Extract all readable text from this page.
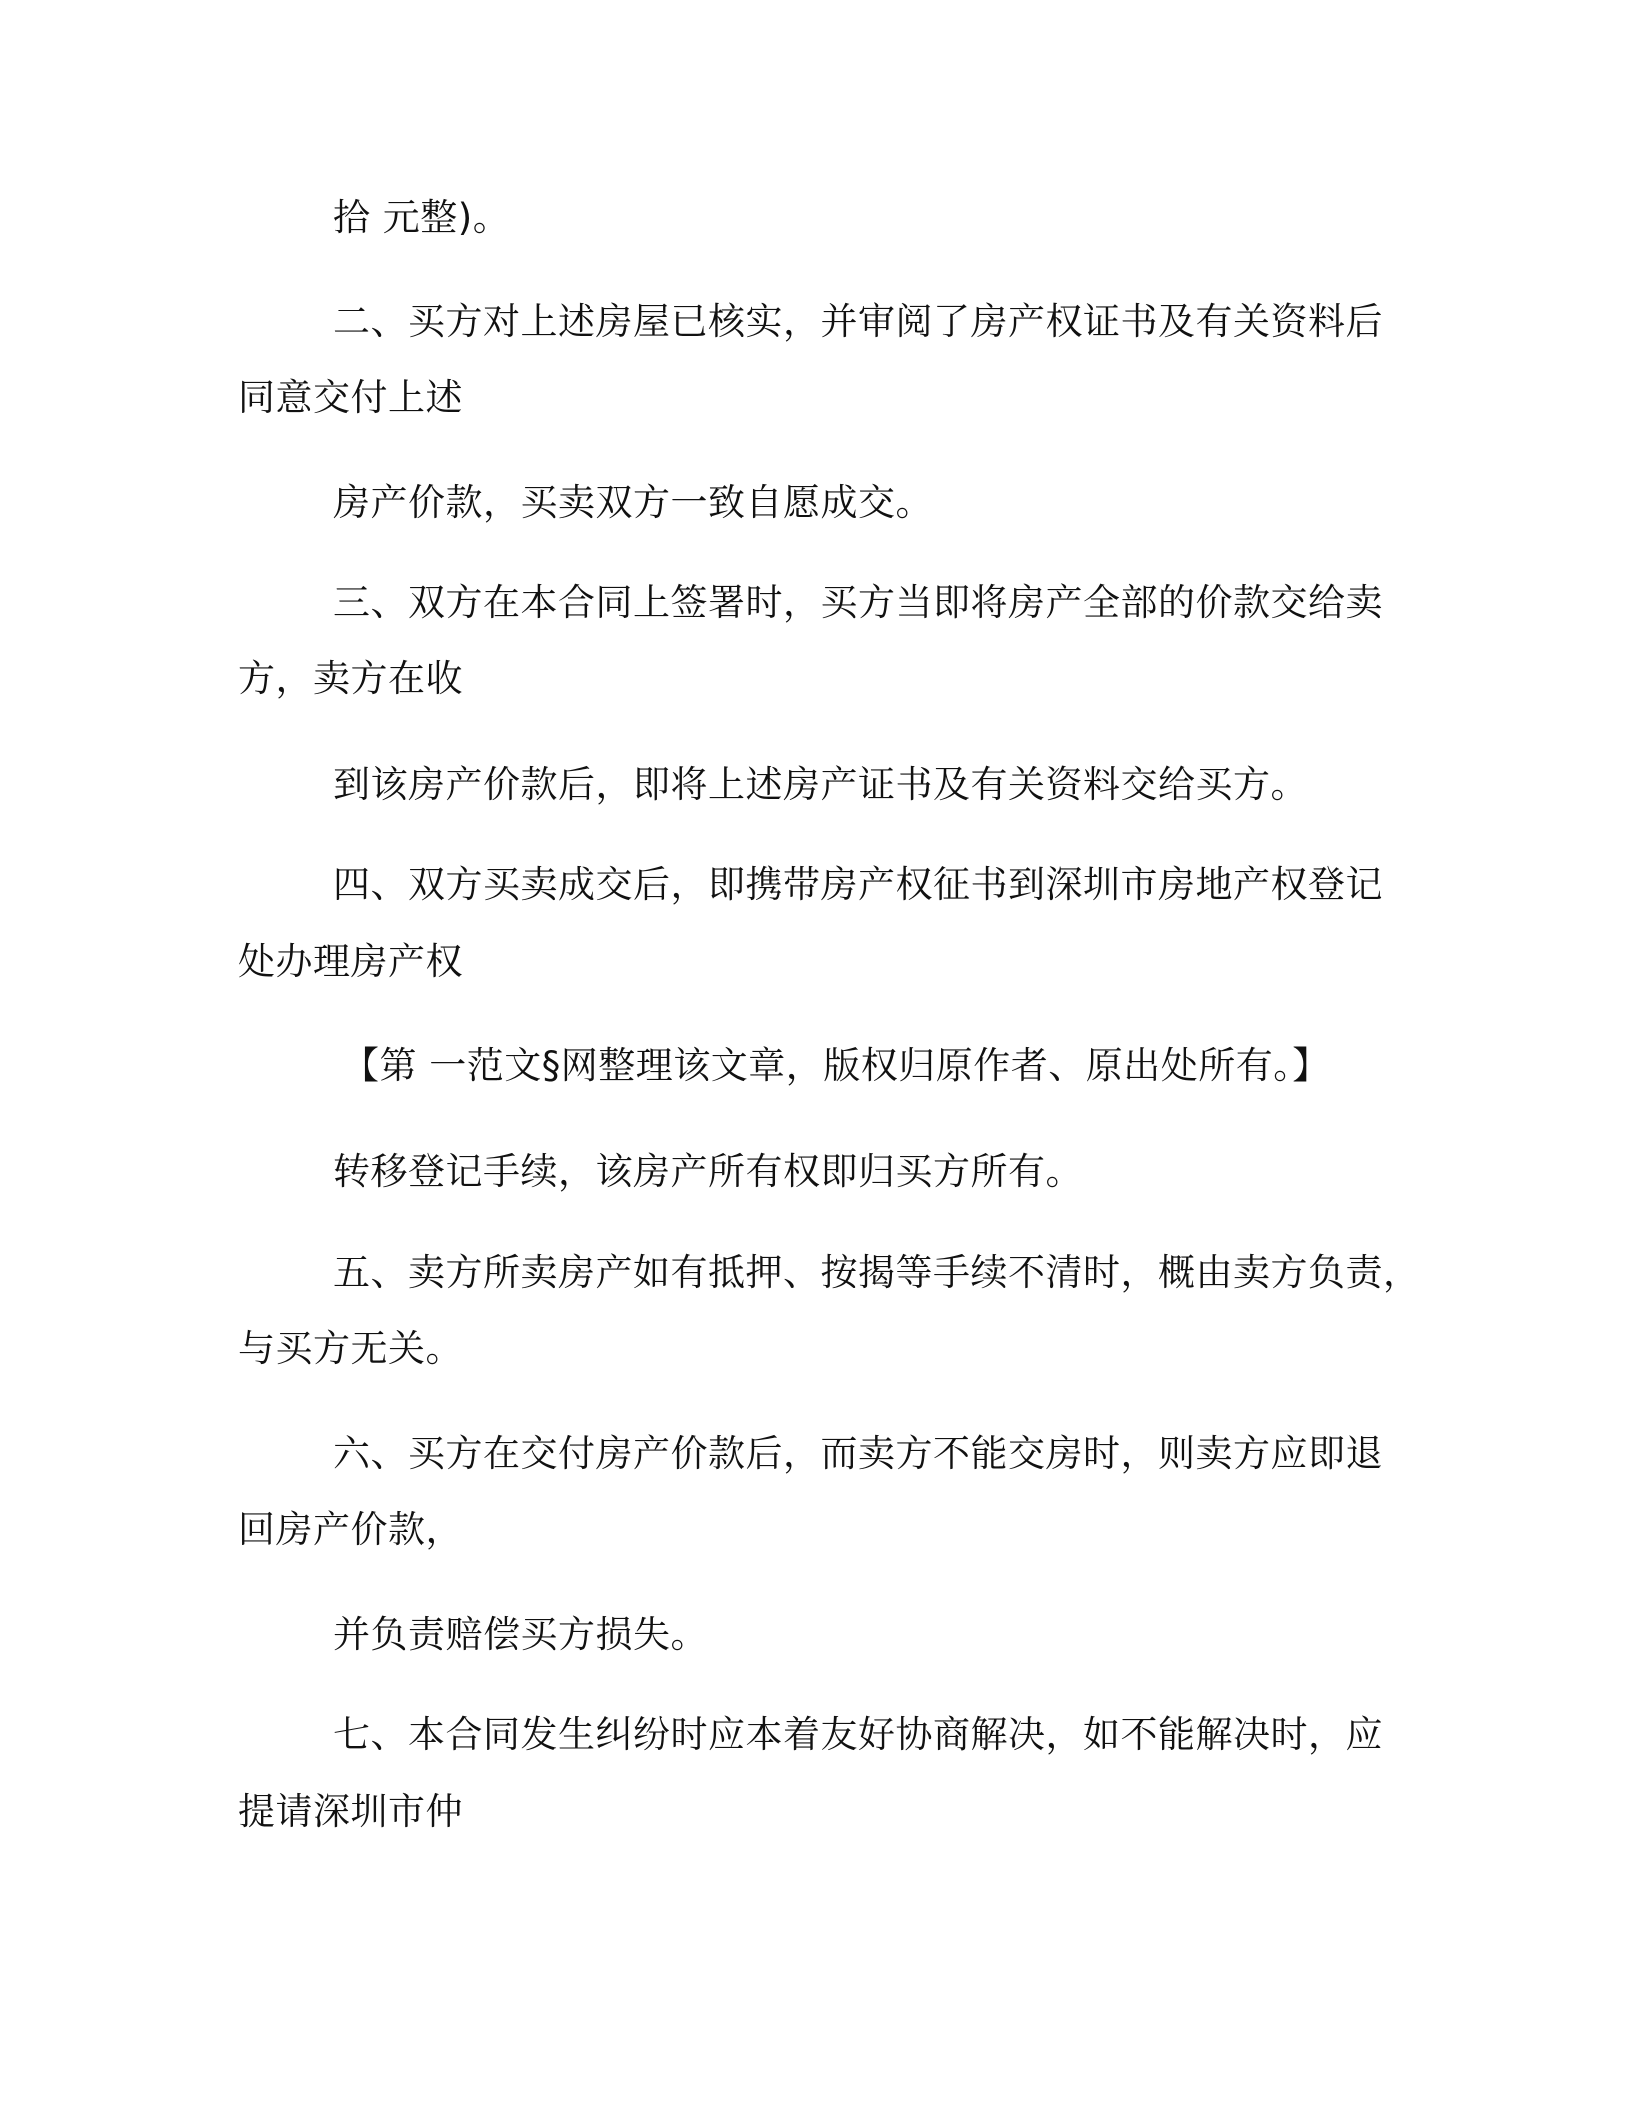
拾 元整)。
二、买方对上述房屋已核实，并审阅了房产权证书及有关资料后
同意交付上述
房产价款，买卖双方一致自愿成交。
三、双方在本合同上签署时，买方当即将房产全部的价款交给卖
方，卖方在收
到该房产价款后，即将上述房产证书及有关资料交给买方。
四、双方买卖成交后，即携带房产权征书到深圳市房地产权登记
处办理房产权
【第 一范文§网整理该文章，版权归原作者、原出处所有。】
转移登记手续，该房产所有权即归买方所有。
五、卖方所卖房产如有抵押、按揭等手续不清时，概由卖方负责，
与买方无关。
六、买方在交付房产价款后，而卖方不能交房时，则卖方应即退
回房产价款，
并负责赔偿买方损失。
七、本合同发生纠纷时应本着友好协商解决，如不能解决时，应
提请深圳市仲
